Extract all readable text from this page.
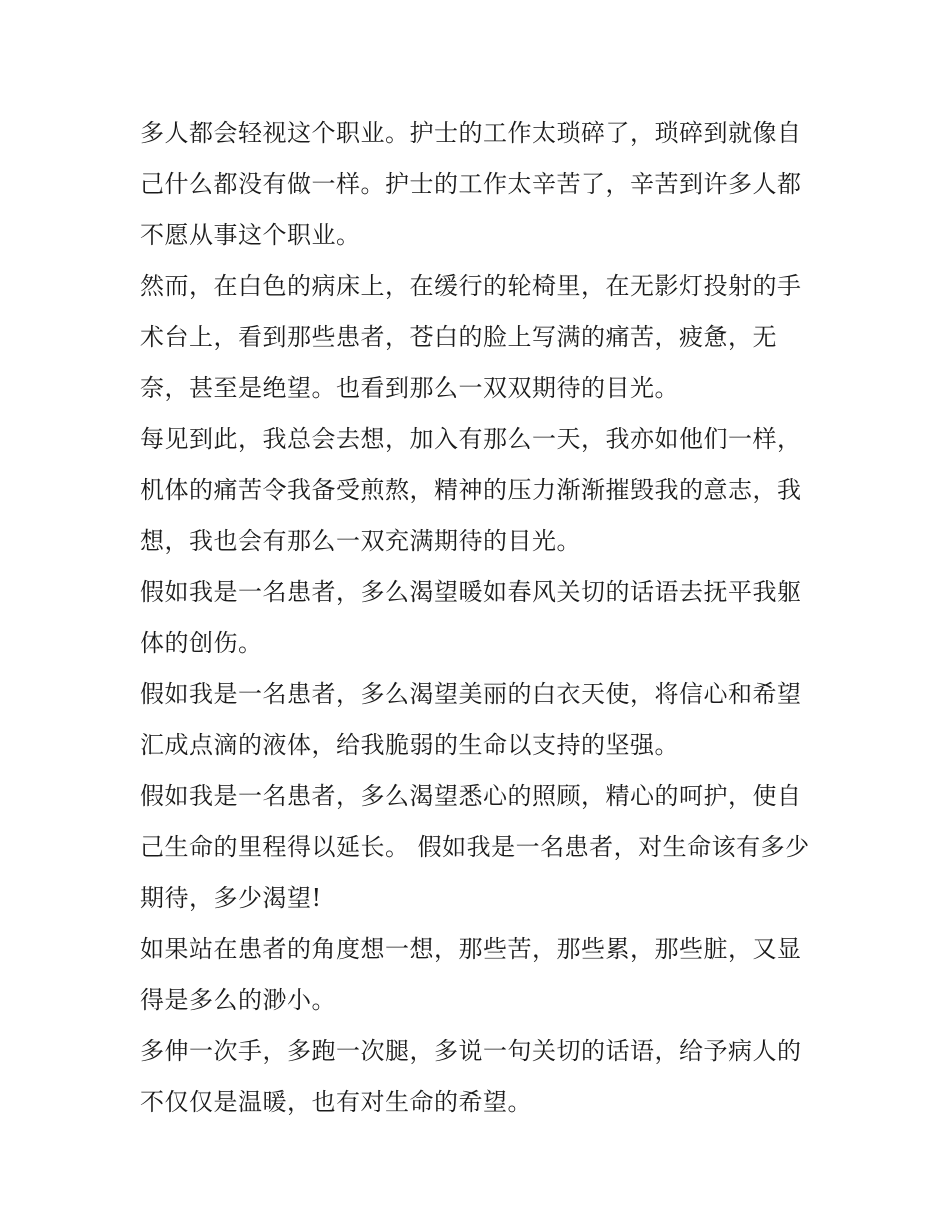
多人都会轻视这个职业。护士的工作太琐碎了，琐碎到就像自己什么都没有做一样。护士的工作太辛苦了，辛苦到许多人都不愿从事这个职业。

然而，在白色的病床上，在缓行的轮椅里，在无影灯投射的手术台上，看到那些患者，苍白的脸上写满的痛苦，疲惫，无奈，甚至是绝望。也看到那么一双双期待的目光。

每见到此，我总会去想，加入有那么一天，我亦如他们一样，机体的痛苦令我备受煎熬，精神的压力渐渐摧毁我的意志，我想，我也会有那么一双充满期待的目光。

假如我是一名患者，多么渴望暖如春风关切的话语去抚平我躯体的创伤。

假如我是一名患者，多么渴望美丽的白衣天使，将信心和希望汇成点滴的液体，给我脆弱的生命以支持的坚强。

假如我是一名患者，多么渴望悉心的照顾，精心的呵护，使自己生命的里程得以延长。 假如我是一名患者，对生命该有多少期待，多少渴望!

如果站在患者的角度想一想，那些苦，那些累，那些脏，又显得是多么的渺小。

多伸一次手，多跑一次腿，多说一句关切的话语，给予病人的不仅仅是温暖，也有对生命的希望。
